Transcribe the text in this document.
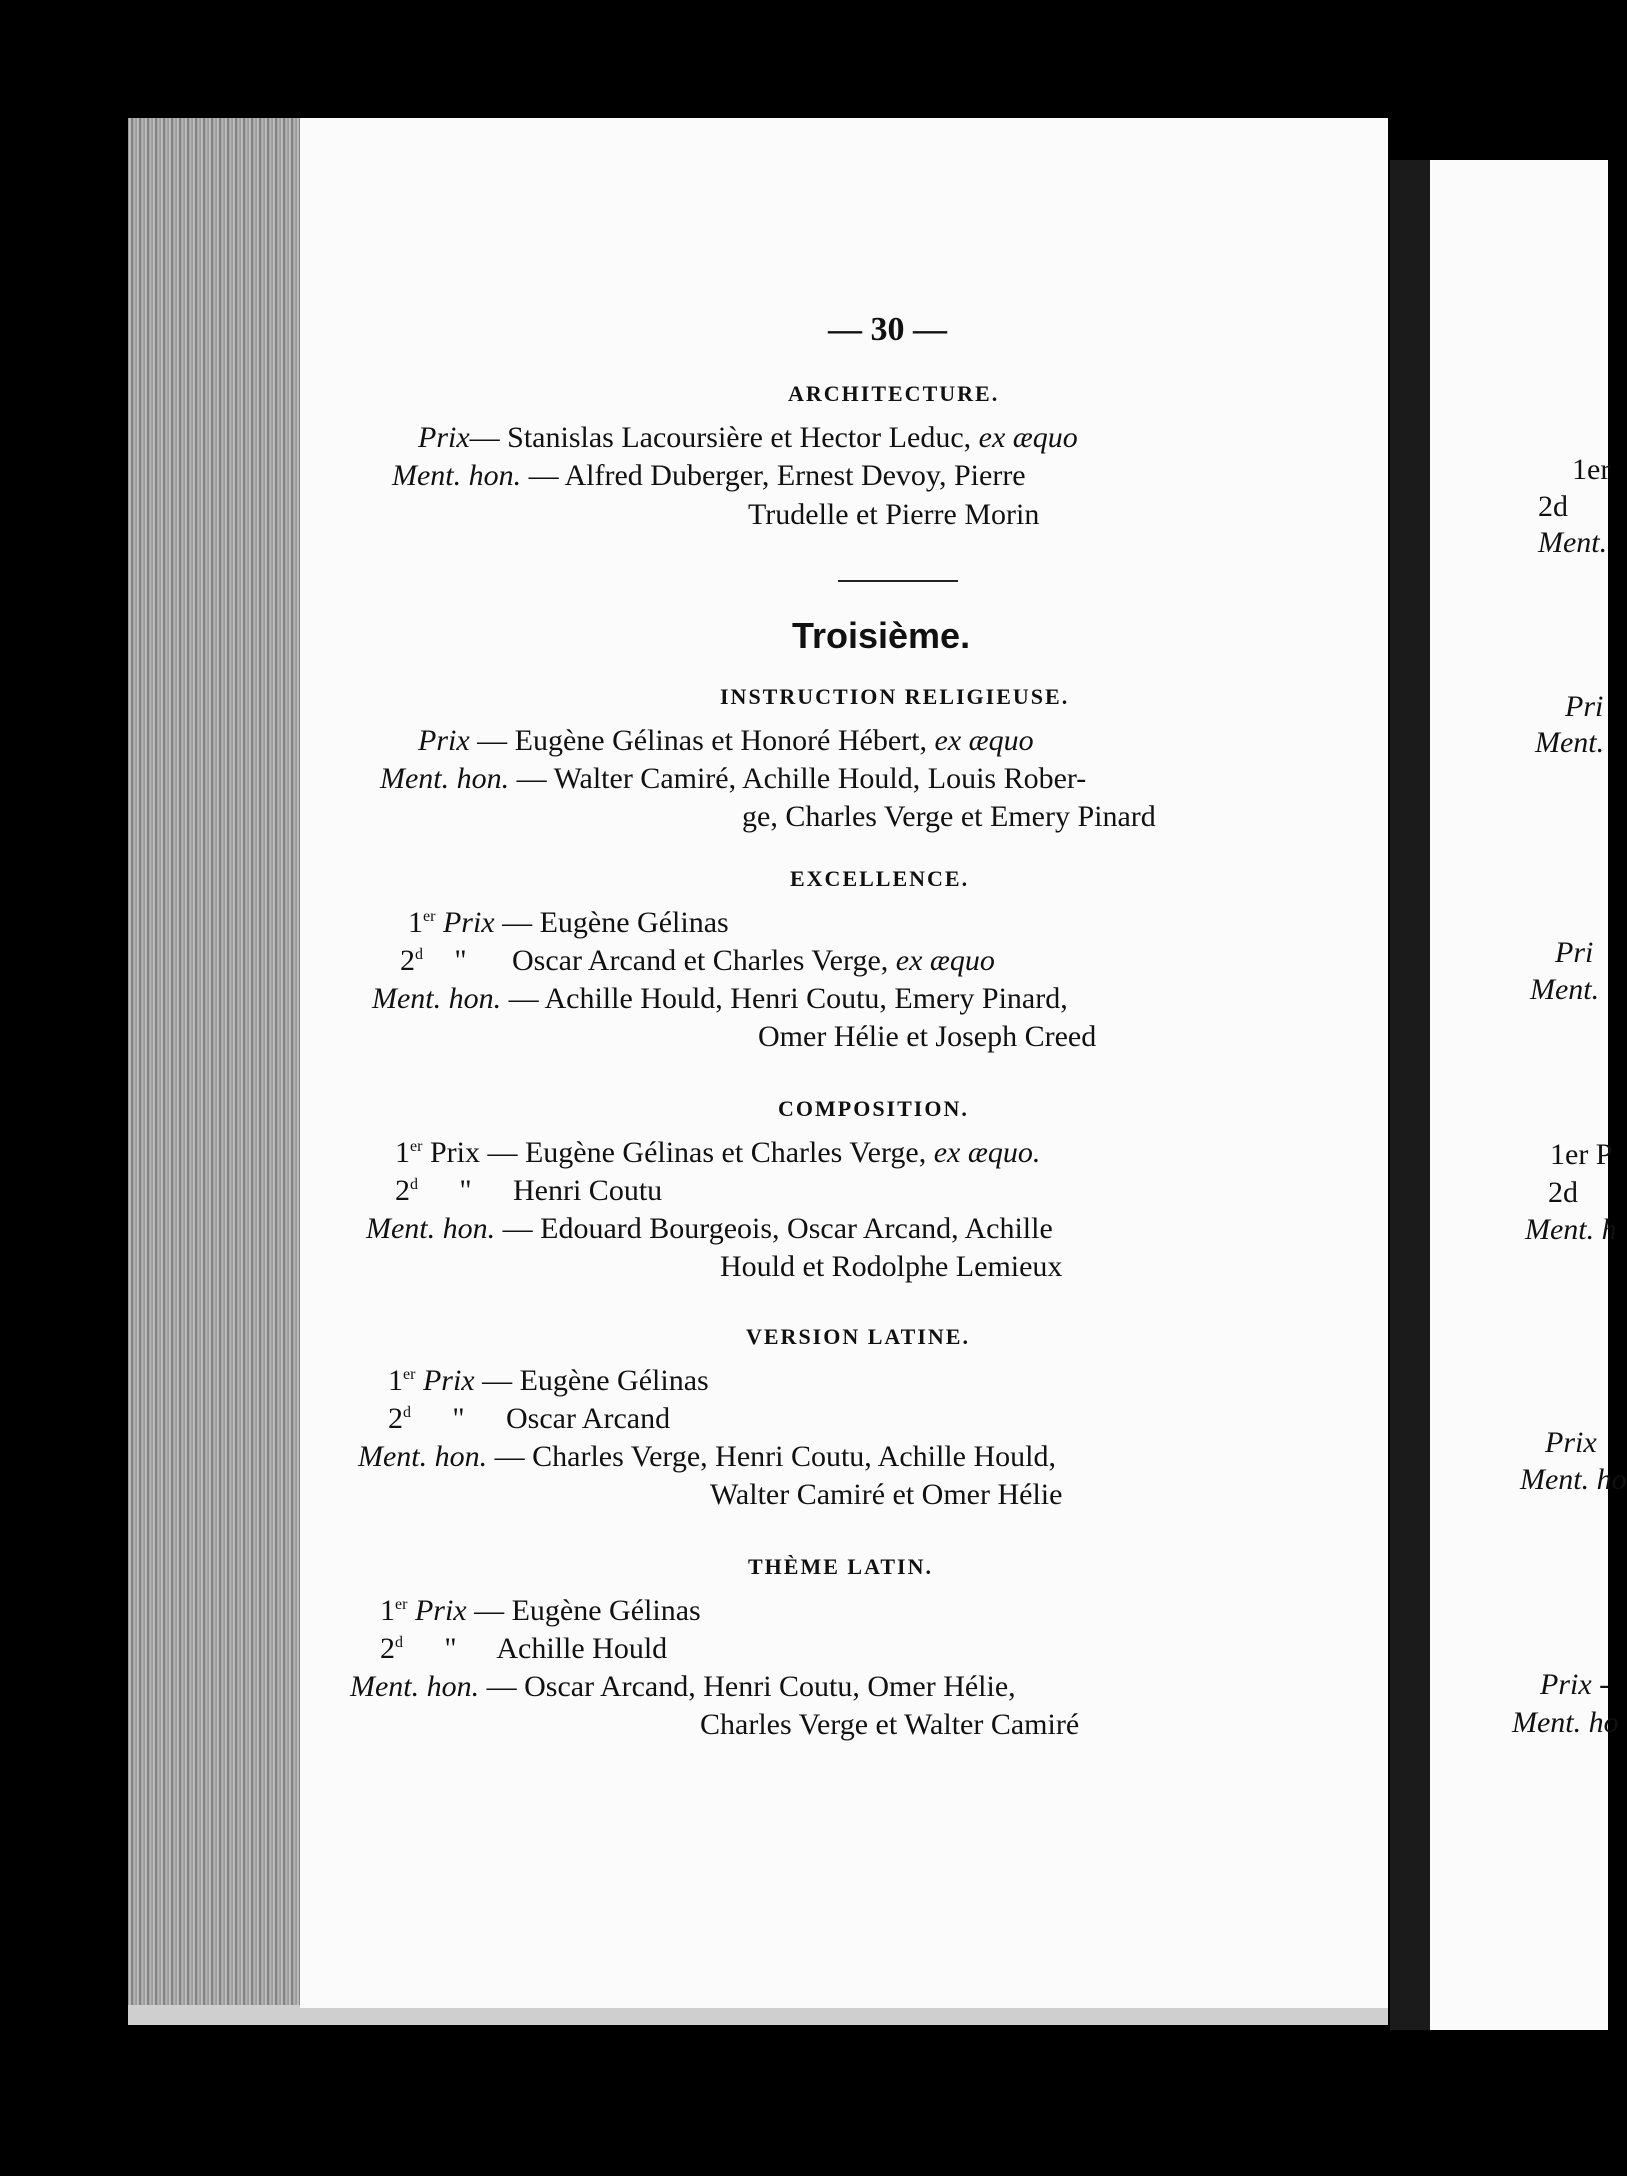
— 30 —
ARCHITECTURE.
Prix— Stanislas Lacoursière et Hector Leduc, ex æquo
Ment. hon. — Alfred Duberger, Ernest Devoy, Pierre
Trudelle et Pierre Morin
Troisième.
INSTRUCTION RELIGIEUSE.
Prix — Eugène Gélinas et Honoré Hébert, ex æquo
Ment. hon. — Walter Camiré, Achille Hould, Louis Rober-
ge, Charles Verge et Emery Pinard
EXCELLENCE.
1er Prix — Eugène Gélinas
2$^d$ " Oscar Arcand et Charles Verge, ex æquo
Ment. hon. — Achille Hould, Henri Coutu, Emery Pinard,
Omer Hélie et Joseph Creed
COMPOSITION.
1er Prix — Eugène Gélinas et Charles Verge, ex æquo.
2$^d$ " Henri Coutu
Ment. hon. — Edouard Bourgeois, Oscar Arcand, Achille
Hould et Rodolphe Lemieux
VERSION LATINE.
1er Prix — Eugène Gélinas
2$^d$ " Oscar Arcand
Ment. hon. — Charles Verge, Henri Coutu, Achille Hould,
Walter Camiré et Omer Hélie
THÈME LATIN.
1er Prix — Eugène Gélinas
2$^d$ " Achille Hould
Ment. hon. — Oscar Arcand, Henri Coutu, Omer Hélie,
Charles Verge et Walter Camiré
1er
2d
Ment.
Pri
Ment.
Pri
Ment.
1er P
2d
Ment. h
Prix
Ment. ho
Prix -
Ment. ho
